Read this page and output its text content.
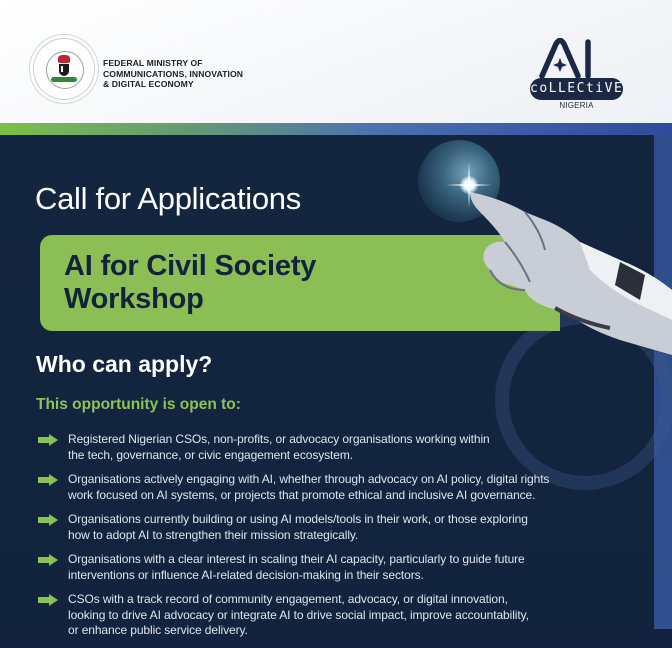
FEDERAL MINISTRY OF
COMMUNICATIONS, INNOVATION
& DIGITAL ECONOMY	coLLECtiVE
NIGERIA
Call for Applications
AI for Civil Society
Workshop
Who can apply?
This opportunity is open to:
Registered Nigerian CSOs, non-profits, or advocacy organisations working within
the tech, governance, or civic engagement ecosystem.
Organisations actively engaging with AI, whether through advocacy on AI policy, digital rights
work focused on AI systems, or projects that promote ethical and inclusive AI governance.
Organisations currently building or using AI models/tools in their work, or those exploring
how to adopt AI to strengthen their mission strategically.
Organisations with a clear interest in scaling their AI capacity, particularly to guide future
interventions or influence AI-related decision-making in their sectors.
CSOs with a track record of community engagement, advocacy, or digital innovation,
looking to drive AI advocacy or integrate AI to drive social impact, improve accountability,
or enhance public service delivery.
